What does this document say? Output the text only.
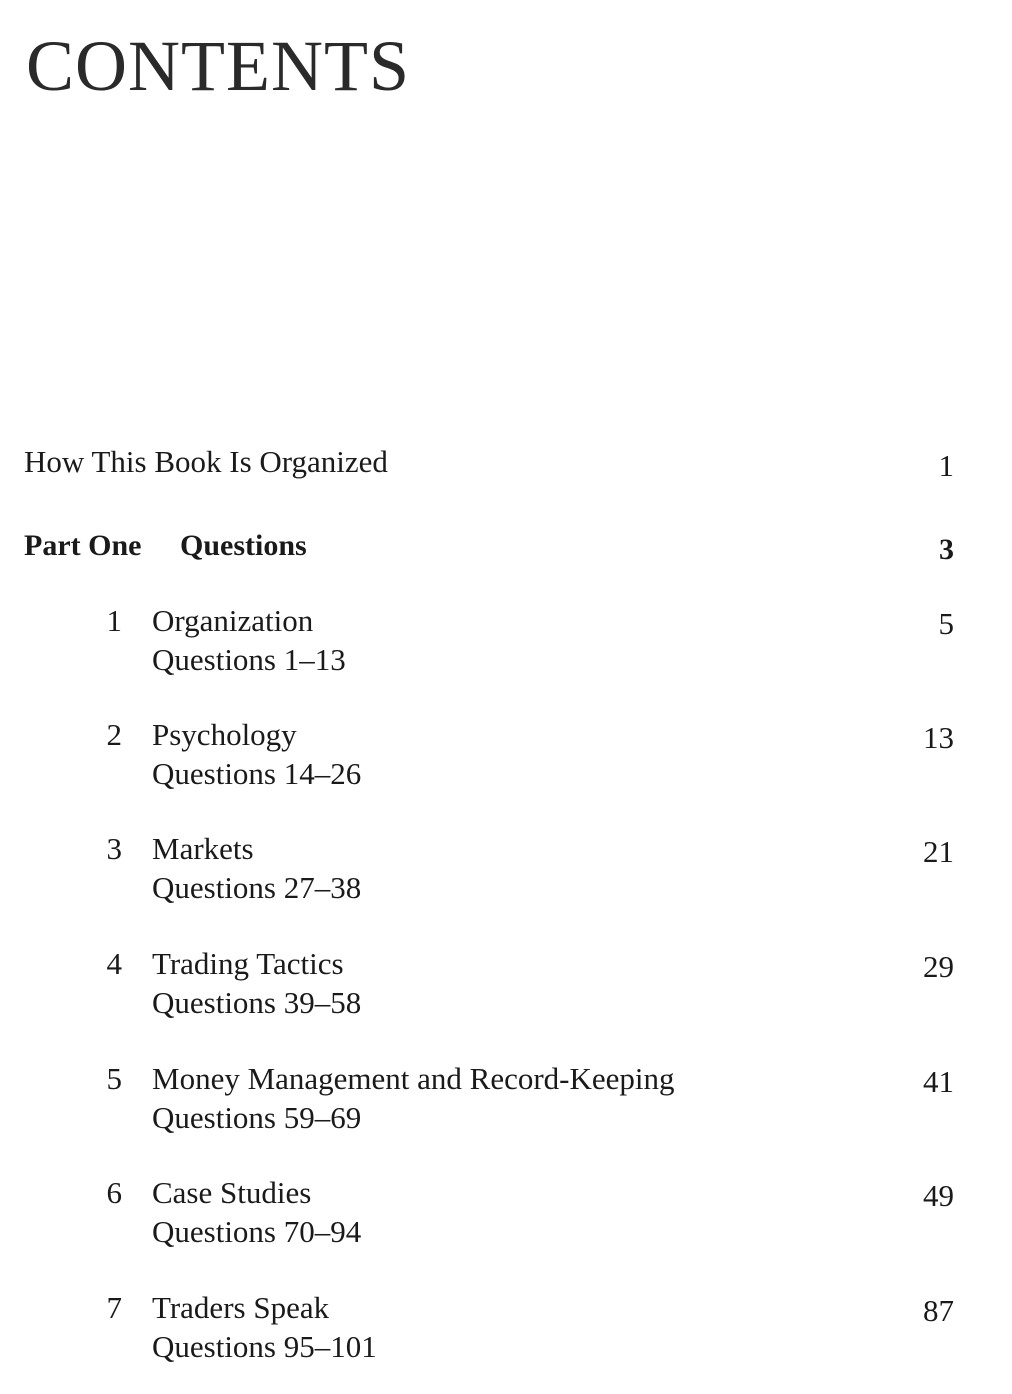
CONTENTS
How This Book Is Organized	1
Part One Questions	3
1 Organization
Questions 1–13
5
2 Psychology
Questions 14–26
13
3 Markets
Questions 27–38
21
4 Trading Tactics
Questions 39–58
29
5 Money Management and Record-Keeping
Questions 59–69
41
6 Case Studies
Questions 70–94
49
7 Traders Speak
Questions 95–101
87
